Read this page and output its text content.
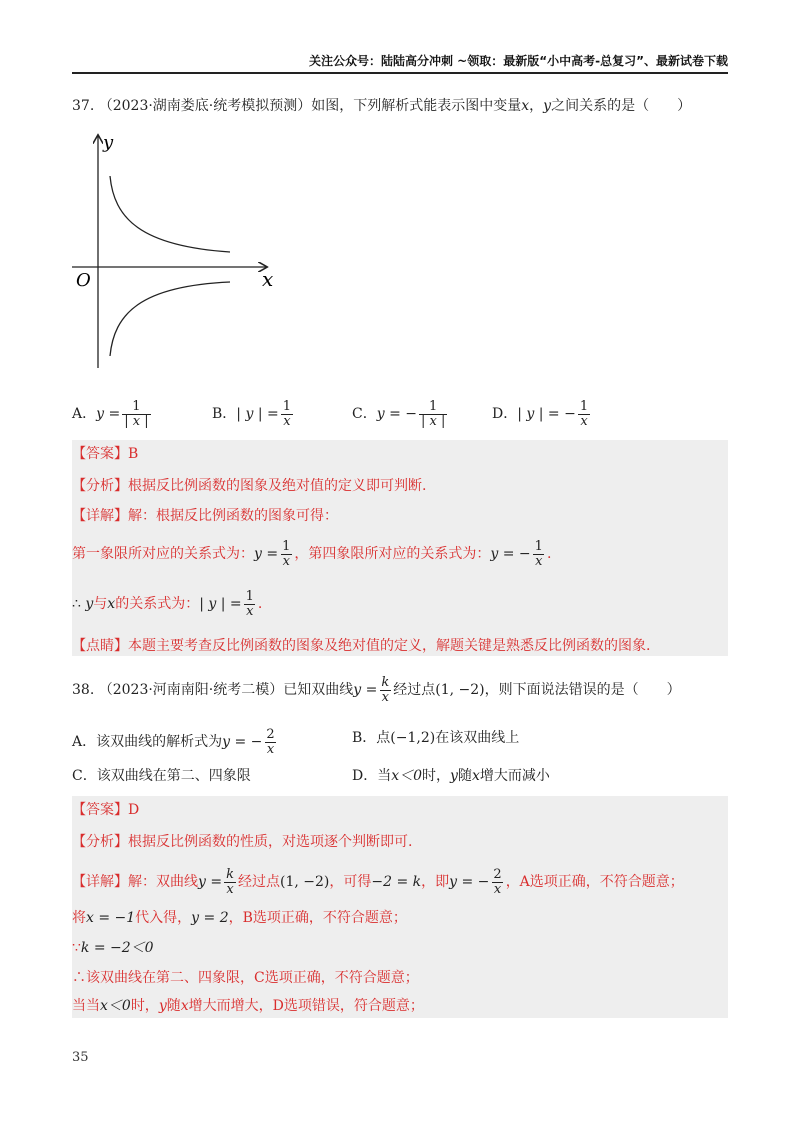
关注公众号：陆陆高分冲刺 ~领取：最新版“小中高考-总复习”、最新试卷下载
37. （2023·湖南娄底·统考模拟预测）如图，下列解析式能表示图中变量x，y之间关系的是（　　）
y
x
O
A．$y = \frac{1}{| x |}$	B．| y | = $\frac{1}{x}$	C．y = − $\frac{1}{| x |}$	D．| y | = − $\frac{1}{x}$
【答案】B
【分析】根据反比例函数的图象及绝对值的定义即可判断.
【详解】解：根据反比例函数的图象可得：
第一象限所对应的关系式为：$y = \frac{1}{x}$ ，第四象限所对应的关系式为：y = − $\frac{1}{x}$ .
∴ y与x的关系式为：| y | = $\frac{1}{x}$ .
【点睛】本题主要考查反比例函数的图象及绝对值的定义，解题关键是熟悉反比例函数的图象.
38. （2023·河南南阳·统考二模）已知双曲线$y = \frac{k}{x}$ 经过点(1, −2)，则下面说法错误的是（　　）
A．该双曲线的解析式为y = − $\frac{2}{x}$	B．点(−1,2)在该双曲线上
C．该双曲线在第二、四象限	D．当x＜0时，y随x增大而减小
【答案】D
【分析】根据反比例函数的性质，对选项逐个判断即可.
【详解】解：双曲线$y = \frac{k}{x}$ 经过点(1, −2)，可得−2 = k，即y = − $\frac{2}{x}$ ，A选项正确，不符合题意；
将x = −1代入得，y = 2，B选项正确，不符合题意；
∵k = −2＜0
∴该双曲线在第二、四象限，C选项正确，不符合题意；
当当x＜0时，y随x增大而增大，D选项错误，符合题意；
35
